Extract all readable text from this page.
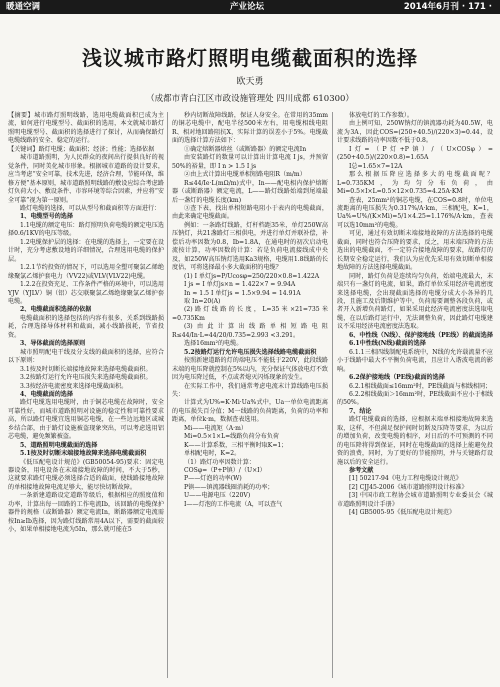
暖通空调	产业论坛	2014年6月刊 · 171 ·
浅议城市路灯照明电缆截面积的选择
欧天勇
（成都市青白江区市政设施管理处 四川成都 610300）

【摘要】城市路灯照明线路，选用电缆截面积已成为主流，如何进行电缆型号、截面积的选用，本文就城市路灯照明电缆型号、截面积的选择进行了探讨，从而确保路灯电缆线路的安全、稳定的运行。

【关键词】路灯电缆；截面积；经济；性能；选择依据

城市道路照明，为人民群众的夜间出行提供良好的视觉条件，同时美化城市形象。根据城市道路的设计要求，应当考虑“安全可靠，技术先进，经济合理，节能环保，维修方便”基本原则，城市道路照明线路的敷设应综合考虑路灯负荷大小、敷设条件、市容环境等综合因素，并应将“安全可靠”视为第一原则。

路灯电缆的选择，可以从型号和截面积等方面进行：

1、电缆型号的选择

1.1电缆的额定电压：路灯照明负荷电缆的额定电压选择0.6/1KV的电压等级。

1.2电缆保护层的选择：在电缆的选择上，一定要在设计时，充分考虑敷设地的详细情况，合理选用电缆的保护层。

1.2.1节约投资的情况下，可以选用全塑可聚氯乙烯绝缘聚氯乙烯护套电力（VV22)或VLV(VLV22)电缆。

1.2.2在投资充足、工作条件严格的环境中，可以选用YJV（YJLV）铜（铝）芯交联聚氯乙烯绝缘聚氯乙烯护套电缆。

2、电缆截面积选择的依据

电缆截面积的选择包括的内容有很多，关系到线路损耗，合理选择导体材料和截面，减小线路损耗，节省投资。

3、导体截面的选择原则

城市照明配电干线及分支线的截面积的选择，应符合以下原则：

3.1按及时切断长端接地故障来选择电缆截面积。

3.2按路灯运行允许电压损失来选择电缆截面积。

3.3按经济电流密度来选择电缆截面积。

4、电缆截面的选择

路灯电缆选用电缆时，由于铜芯电缆在故障时，安全可靠性好，而城市道路照明对设施的稳定性和可靠性要求高，所以路灯电缆宜选用铜芯电缆，在一些边远地区或城乡结合部，由于路灯设施被盗现象突出，可以考虑选用铝芯电缆，避免频繁被盗。

5、道路照明电缆截面的选择

5.1按及时切断末端接地故障来选择电缆截面积

《低压配电设计规范》(GB50054-95)要求：固定电器设备，用电设备在末端接地故障的时间，不大于5秒，这就要求路灯电缆必须选择合适的截面，使线路接地故障的单相接地故障电流足够大，能尽快切断故障。

一条新建道路设定道路等级后，根据相应的照度值和功率，计算出每一回路的工作电流Ib，该回路的电缆保护器件的规格（或断路器）额定电流In，断路器额定电流需按In≥Ib选择，因为路灯线路常用4A以下，需要的截面较小，如果单相接地电流为5In，那么就可能在5

秒内切断故障线路，保证人身安全。在常用的35mm的铜芯电缆中，配电半径500米左右，用电缆相线电阻R、相对地回路阻抗X，实际计算的误差小于5%。电缆截面的选择计算方法如下：

①确定熔断器熔丝（或断路器）的额定电流In

由安装路灯的数量可以计算出计算电流 I js，并预留50%的裕量，即 I n > 1.5 I js

②由上式计算出电缆单相短路电阻R（m/m）

R≤44/Ie·L(mΩ/m)式中，In——配电相内保护熔断器（或断路器）额定电流，L——路灯线路始端到尾端最后一盏灯的电缆长度(km)

③查下表，找出单相短路电阻小于表内的电缆截面，由此来确定电缆截面。

例如：一条路灯线路，灯杆档距35米，单灯250W高压钠灯，共21盏路灯三相供电，并进行单灯并联补偿，补偿后功率因数为0.8，Ib=1.8A，在通电时的初次启动电流按计算，功率因数的计算：若是负荷电流接线成中央及，如250W高压钠灯选用Ka3规格，电缆用1.8线路的长度估，可将选择最小多大截面积的电缆？

(1) I 单灯js=P/Ucosφ=250/220×0.8=1.422A

I js = I 单灯js×n = 1.422×7 = 9.94A

In ≈ 1.5 I 单灯js = 1.5×9.94 = 14.91A

取 In=20(A)

(2)路灯线路的长度，L=35米×21=735米=0.735Km

(3)由此计算出线路单相短路电阻 R≤44/In·L=44/20/0.735=2.993 <3.291。

选择16mm²的电缆。

5.2按路灯运行允许电压损失选择线路电缆截面积

按照新建道路的灯的端电压不能低于220V，此段线路末端的电压降就控制在5%以内，充分保证气体放电灯不致因为电压降过低，不点或者熄灭闪烁现象的发生。

在实际工作中，我们通常考虑电流末计算线路电压损失：

计算式为U%=K·Mi·Ua%式中，Ua一单位电流距离的电压损失百分值；M一线路的负荷距离，负荷的功率和距离，单位k·m，数据查表选用。

Mi——电流矩（A·m）

Mi=0.5×1×L=线路负荷分布负荷

K——计算系数，三相平衡时取K=1；

单相配电时，K=2。

（1）路灯功率因数计算：

COSφ=（P+P镇）/（U×I）

P——灯泡的功率(W)

P镇——镇流器线圈消耗的功率；

U——电源电压（220V)

I——灯泡的工作电流（A，可以查气

体放电灯的工作参数）。

由上例可知，250W钠灯的镇流器功耗为40.5W，电流为3A，因此COS=(250+40.5)/(220×3)=0.44，设计要求线路的功率因数不低于0.8。

I灯=（P灯+P镇）/（U×COSφ）=(250+40.5)/(220×0.8)=1.65A

I总=1.65×7=12A

那么根据压降应选择多大的电缆截面呢？L=0.735KM，为均匀分布负荷，由Mi=0.5×I×L=0.5×12×0.735=4.25A·KM

查表，25mm²的铜芯电缆，在COS=0.8时，单位电流距离的电压损失为0.317%/A·km，三相配电，K=1，Ua%=U%/(K×Mi)=5/1×4.25=1.176%/A·km，查表可以选10mm²的电缆。

可见，通过有效切断末端接地故障的方法选择的电缆截面，同时也符合压降的要求，反之，用末端压降的方法选出的电缆截面，不一定符合接地故障的要求，故路灯的长期安全稳定运行，我们认为应优先采用有效切断单相接地故障的方法选择电缆截面。

同时，路灯负荷是连续均匀负荷，始端电流最大，末端只有一盏灯的电流，如果，路灯单位采用经济电流密度来选择电缆，会出现截面选择的电缆分成大小各异的几段，且施工及后期维护等中，负荷需要调整各段负荷，或者开入新增负荷路灯，如果采用此经济电流密度法选取电缆，在以后路灯运行中，无法调整负荷，因此路灯电缆建议不采用经济电流密度法选取。

6、中性线（N线）、保护接地线（PE线）的截面选择

6.1中性线(N线)截面的选择

6.1.1三相四线制配电系统中，N线的允许载流量不应小于线路中最大不平衡负荷电流，且应计入谐波电流的影响。

6.2保护接地线（PE线)截面的选择

6.2.1相线截面≤16mm²时，PE线截面与相线相同；

6.2.2相线截面＞16mm²时，PE线截面不应小于相线的50%。

7、结论

路灯电缆截面的选择，应根据末端单相接地故障来选取，这样，不但满足保护间时切断及压降等要求，为以后的增加负荷，改变电缆的相序，对日后的不可预测的不同的电压降将得到保证，同时在电缆截面的选择上能避免投资的浪费，同时，为了更好的节能照明，并与关键路灯设施以后的安全运行。

参考文献

[1] 50217-94《电力工程电缆设计规范》

[2] CJJ45-2006《城市道路照明设计标准》

[3] 中国市政工程协会城市道路照明专业委员会《城市道路照明设计手册》

[4] GB5005-95《低压配电设计规范》
